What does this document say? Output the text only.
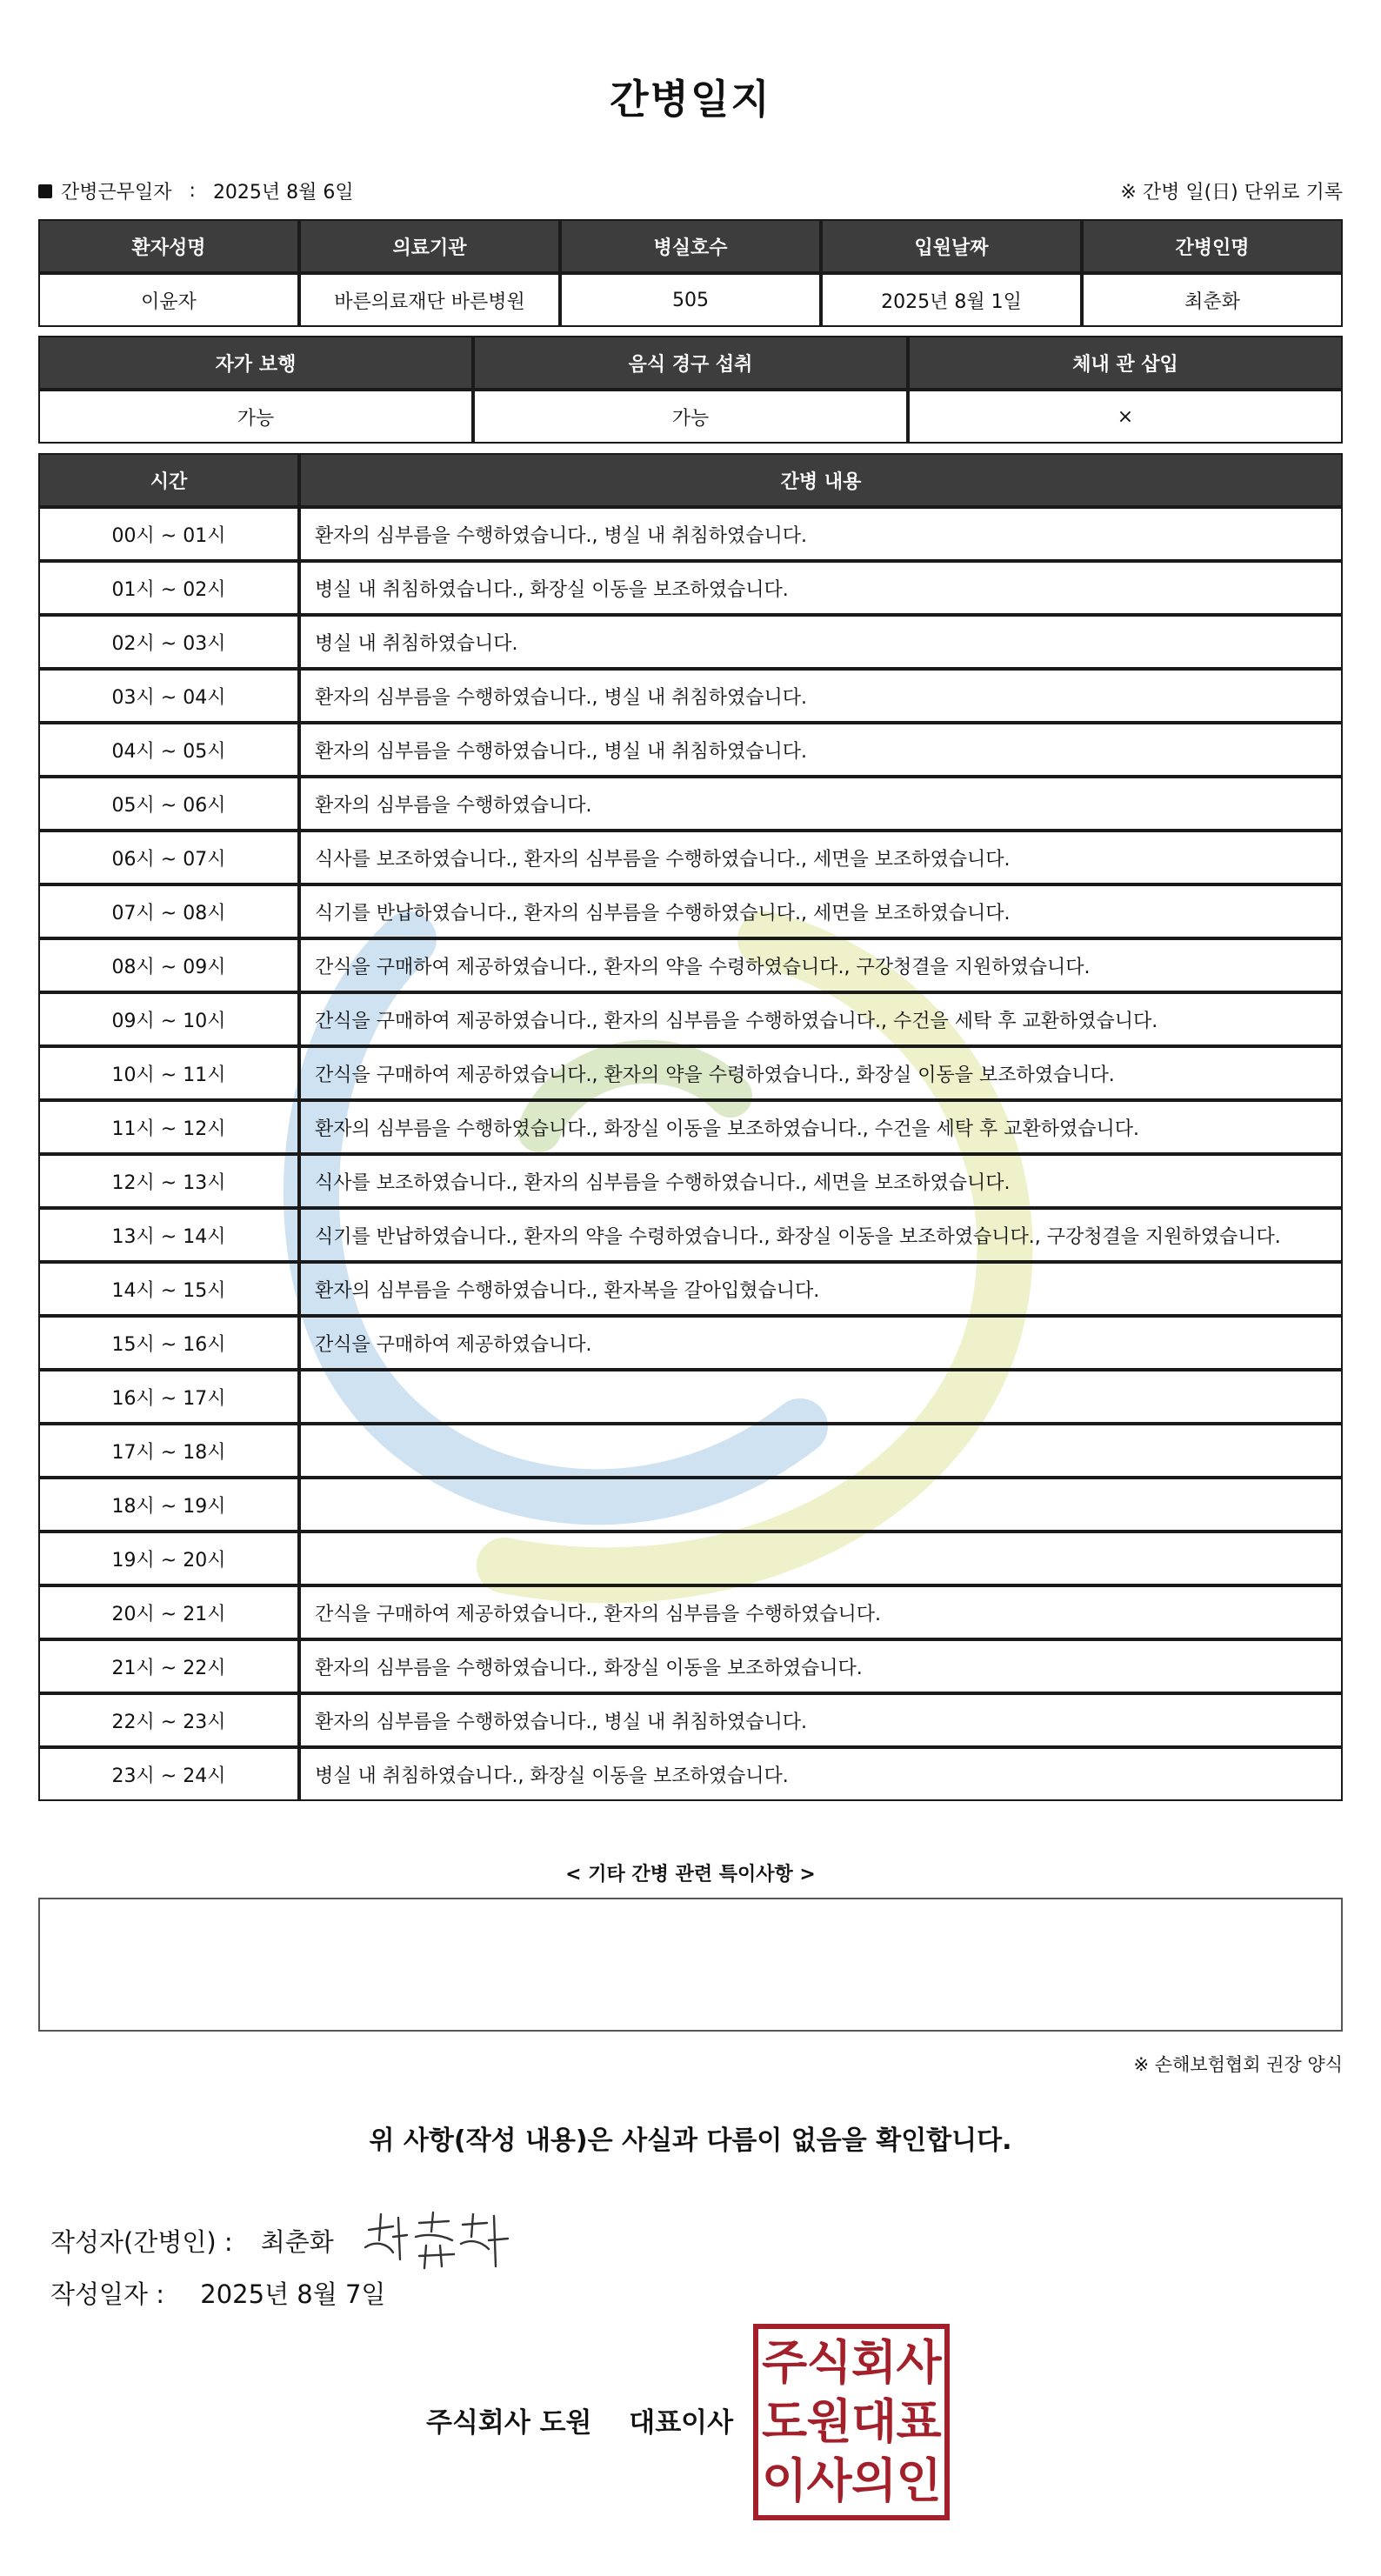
간병일지
간병근무일자 : 2025년 8월 6일	※ 간병 일(日) 단위로 기록
환자성명	의료기관	병실호수	입원날짜	간병인명
이윤자	바른의료재단 바른병원	505	2025년 8월 1일	최춘화
자가 보행	음식 경구 섭취	체내 관 삽입
가능	가능	×
시간	간병 내용
00시 ~ 01시	환자의 심부름을 수행하였습니다., 병실 내 취침하였습니다.
01시 ~ 02시	병실 내 취침하였습니다., 화장실 이동을 보조하였습니다.
02시 ~ 03시	병실 내 취침하였습니다.
03시 ~ 04시	환자의 심부름을 수행하였습니다., 병실 내 취침하였습니다.
04시 ~ 05시	환자의 심부름을 수행하였습니다., 병실 내 취침하였습니다.
05시 ~ 06시	환자의 심부름을 수행하였습니다.
06시 ~ 07시	식사를 보조하였습니다., 환자의 심부름을 수행하였습니다., 세면을 보조하였습니다.
07시 ~ 08시	식기를 반납하였습니다., 환자의 심부름을 수행하였습니다., 세면을 보조하였습니다.
08시 ~ 09시	간식을 구매하여 제공하였습니다., 환자의 약을 수령하였습니다., 구강청결을 지원하였습니다.
09시 ~ 10시	간식을 구매하여 제공하였습니다., 환자의 심부름을 수행하였습니다., 수건을 세탁 후 교환하였습니다.
10시 ~ 11시	간식을 구매하여 제공하였습니다., 환자의 약을 수령하였습니다., 화장실 이동을 보조하였습니다.
11시 ~ 12시	환자의 심부름을 수행하였습니다., 화장실 이동을 보조하였습니다., 수건을 세탁 후 교환하였습니다.
12시 ~ 13시	식사를 보조하였습니다., 환자의 심부름을 수행하였습니다., 세면을 보조하였습니다.
13시 ~ 14시	식기를 반납하였습니다., 환자의 약을 수령하였습니다., 화장실 이동을 보조하였습니다., 구강청결을 지원하였습니다.
14시 ~ 15시	환자의 심부름을 수행하였습니다., 환자복을 갈아입혔습니다.
15시 ~ 16시	간식을 구매하여 제공하였습니다.
16시 ~ 17시	
17시 ~ 18시	
18시 ~ 19시	
19시 ~ 20시	
20시 ~ 21시	간식을 구매하여 제공하였습니다., 환자의 심부름을 수행하였습니다.
21시 ~ 22시	환자의 심부름을 수행하였습니다., 화장실 이동을 보조하였습니다.
22시 ~ 23시	환자의 심부름을 수행하였습니다., 병실 내 취침하였습니다.
23시 ~ 24시	병실 내 취침하였습니다., 화장실 이동을 보조하였습니다.
< 기타 간병 관련 특이사항 >
※ 손해보험협회 권장 양식
위 사항(작성 내용)은 사실과 다름이 없음을 확인합니다.
작성자(간병인) : 최춘화
작성일자 : 2025년 8월 7일
주식회사 도원 대표이사
주 식 회 사
도 원 대 표
이 사 의 인
